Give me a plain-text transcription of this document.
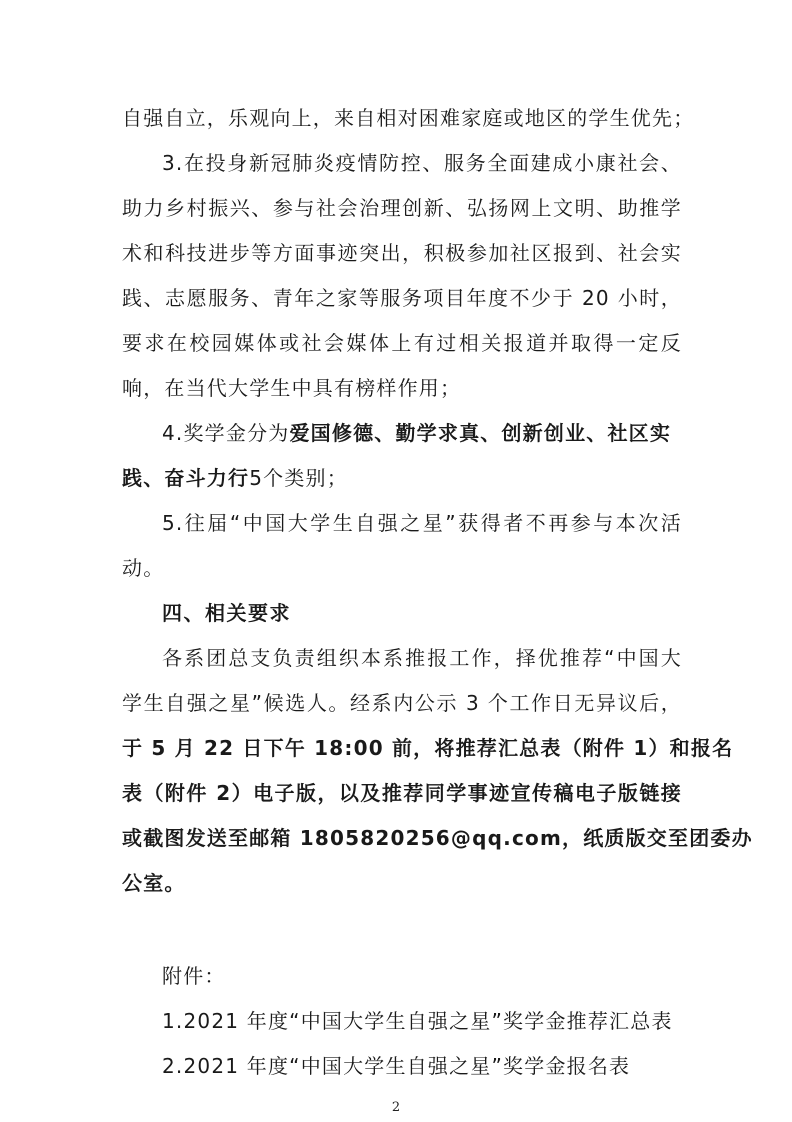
自强自立，乐观向上，来自相对困难家庭或地区的学生优先；
3.在投身新冠肺炎疫情防控、服务全面建成小康社会、
助力乡村振兴、参与社会治理创新、弘扬网上文明、助推学
术和科技进步等方面事迹突出，积极参加社区报到、社会实
践、志愿服务、青年之家等服务项目年度不少于 20 小时，
要求在校园媒体或社会媒体上有过相关报道并取得一定反
响，在当代大学生中具有榜样作用；
4.奖学金分为爱国修德、勤学求真、创新创业、社区实
践、奋斗力行5个类别；
5.往届“中国大学生自强之星”获得者不再参与本次活
动。
四、相关要求
各系团总支负责组织本系推报工作，择优推荐“中国大
学生自强之星”候选人。经系内公示 3 个工作日无异议后，
于 5 月 22 日下午 18:00 前，将推荐汇总表（附件 1）和报名
表（附件 2）电子版，以及推荐同学事迹宣传稿电子版链接
或截图发送至邮箱 1805820256@qq.com，纸质版交至团委办
公室。
附件：
1.2021 年度“中国大学生自强之星”奖学金推荐汇总表
2.2021 年度“中国大学生自强之星”奖学金报名表
2
